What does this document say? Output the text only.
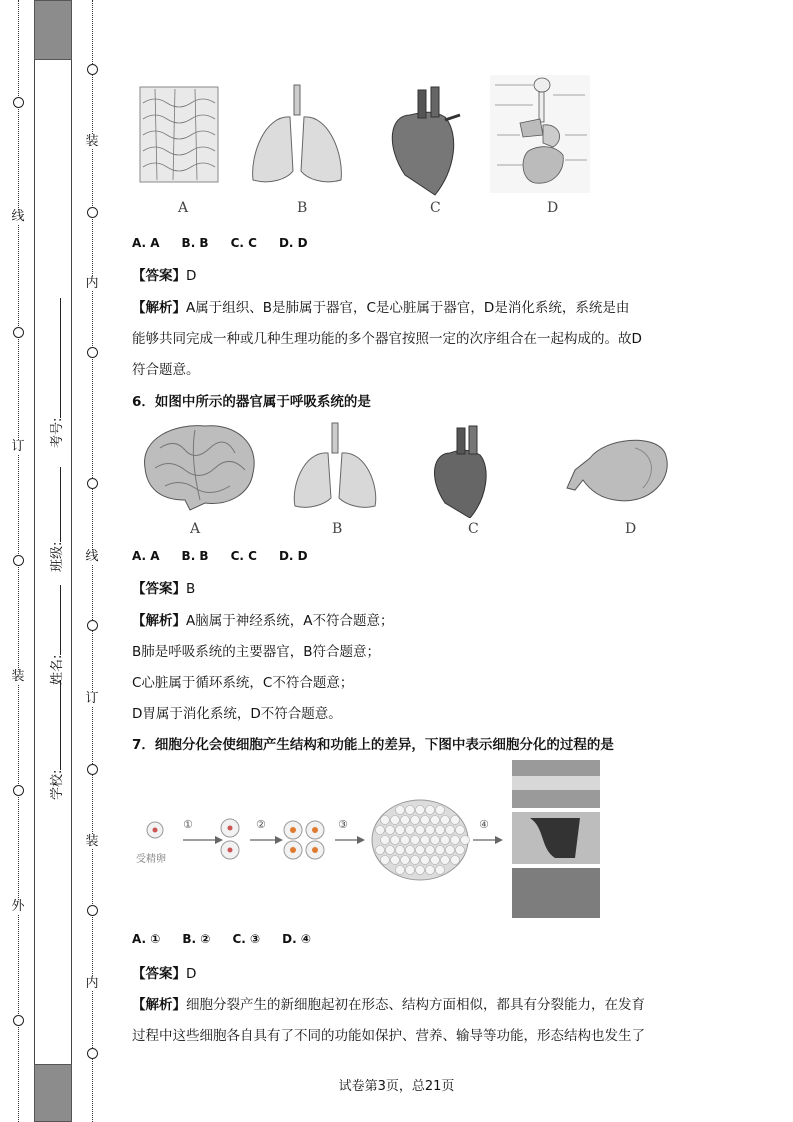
线
订
装
外
装
内
线
订
装
内
学校:
姓名:
班级:
考号:
A	B	C	D
A. A B. B C. C D. D
【答案】D
【解析】A属于组织、B是肺属于器官，C是心脏属于器官，D是消化系统，系统是由
能够共同完成一种或几种生理功能的多个器官按照一定的次序组合在一起构成的。故D
符合题意。
6．如图中所示的器官属于呼吸系统的是
A	B	C	D
A. A B. B C. C D. D
【答案】B
【解析】A脑属于神经系统，A不符合题意；
B肺是呼吸系统的主要器官，B符合题意；
C心脏属于循环系统，C不符合题意；
D胃属于消化系统，D不符合题意。
7．细胞分化会使细胞产生结构和功能上的差异，下图中表示细胞分化的过程的是
受精卵
①	②	③	④
A. ① B. ② C. ③ D. ④
【答案】D
【解析】细胞分裂产生的新细胞起初在形态、结构方面相似，都具有分裂能力，在发育
过程中这些细胞各自具有了不同的功能如保护、营养、输导等功能，形态结构也发生了
试卷第3页，总21页
